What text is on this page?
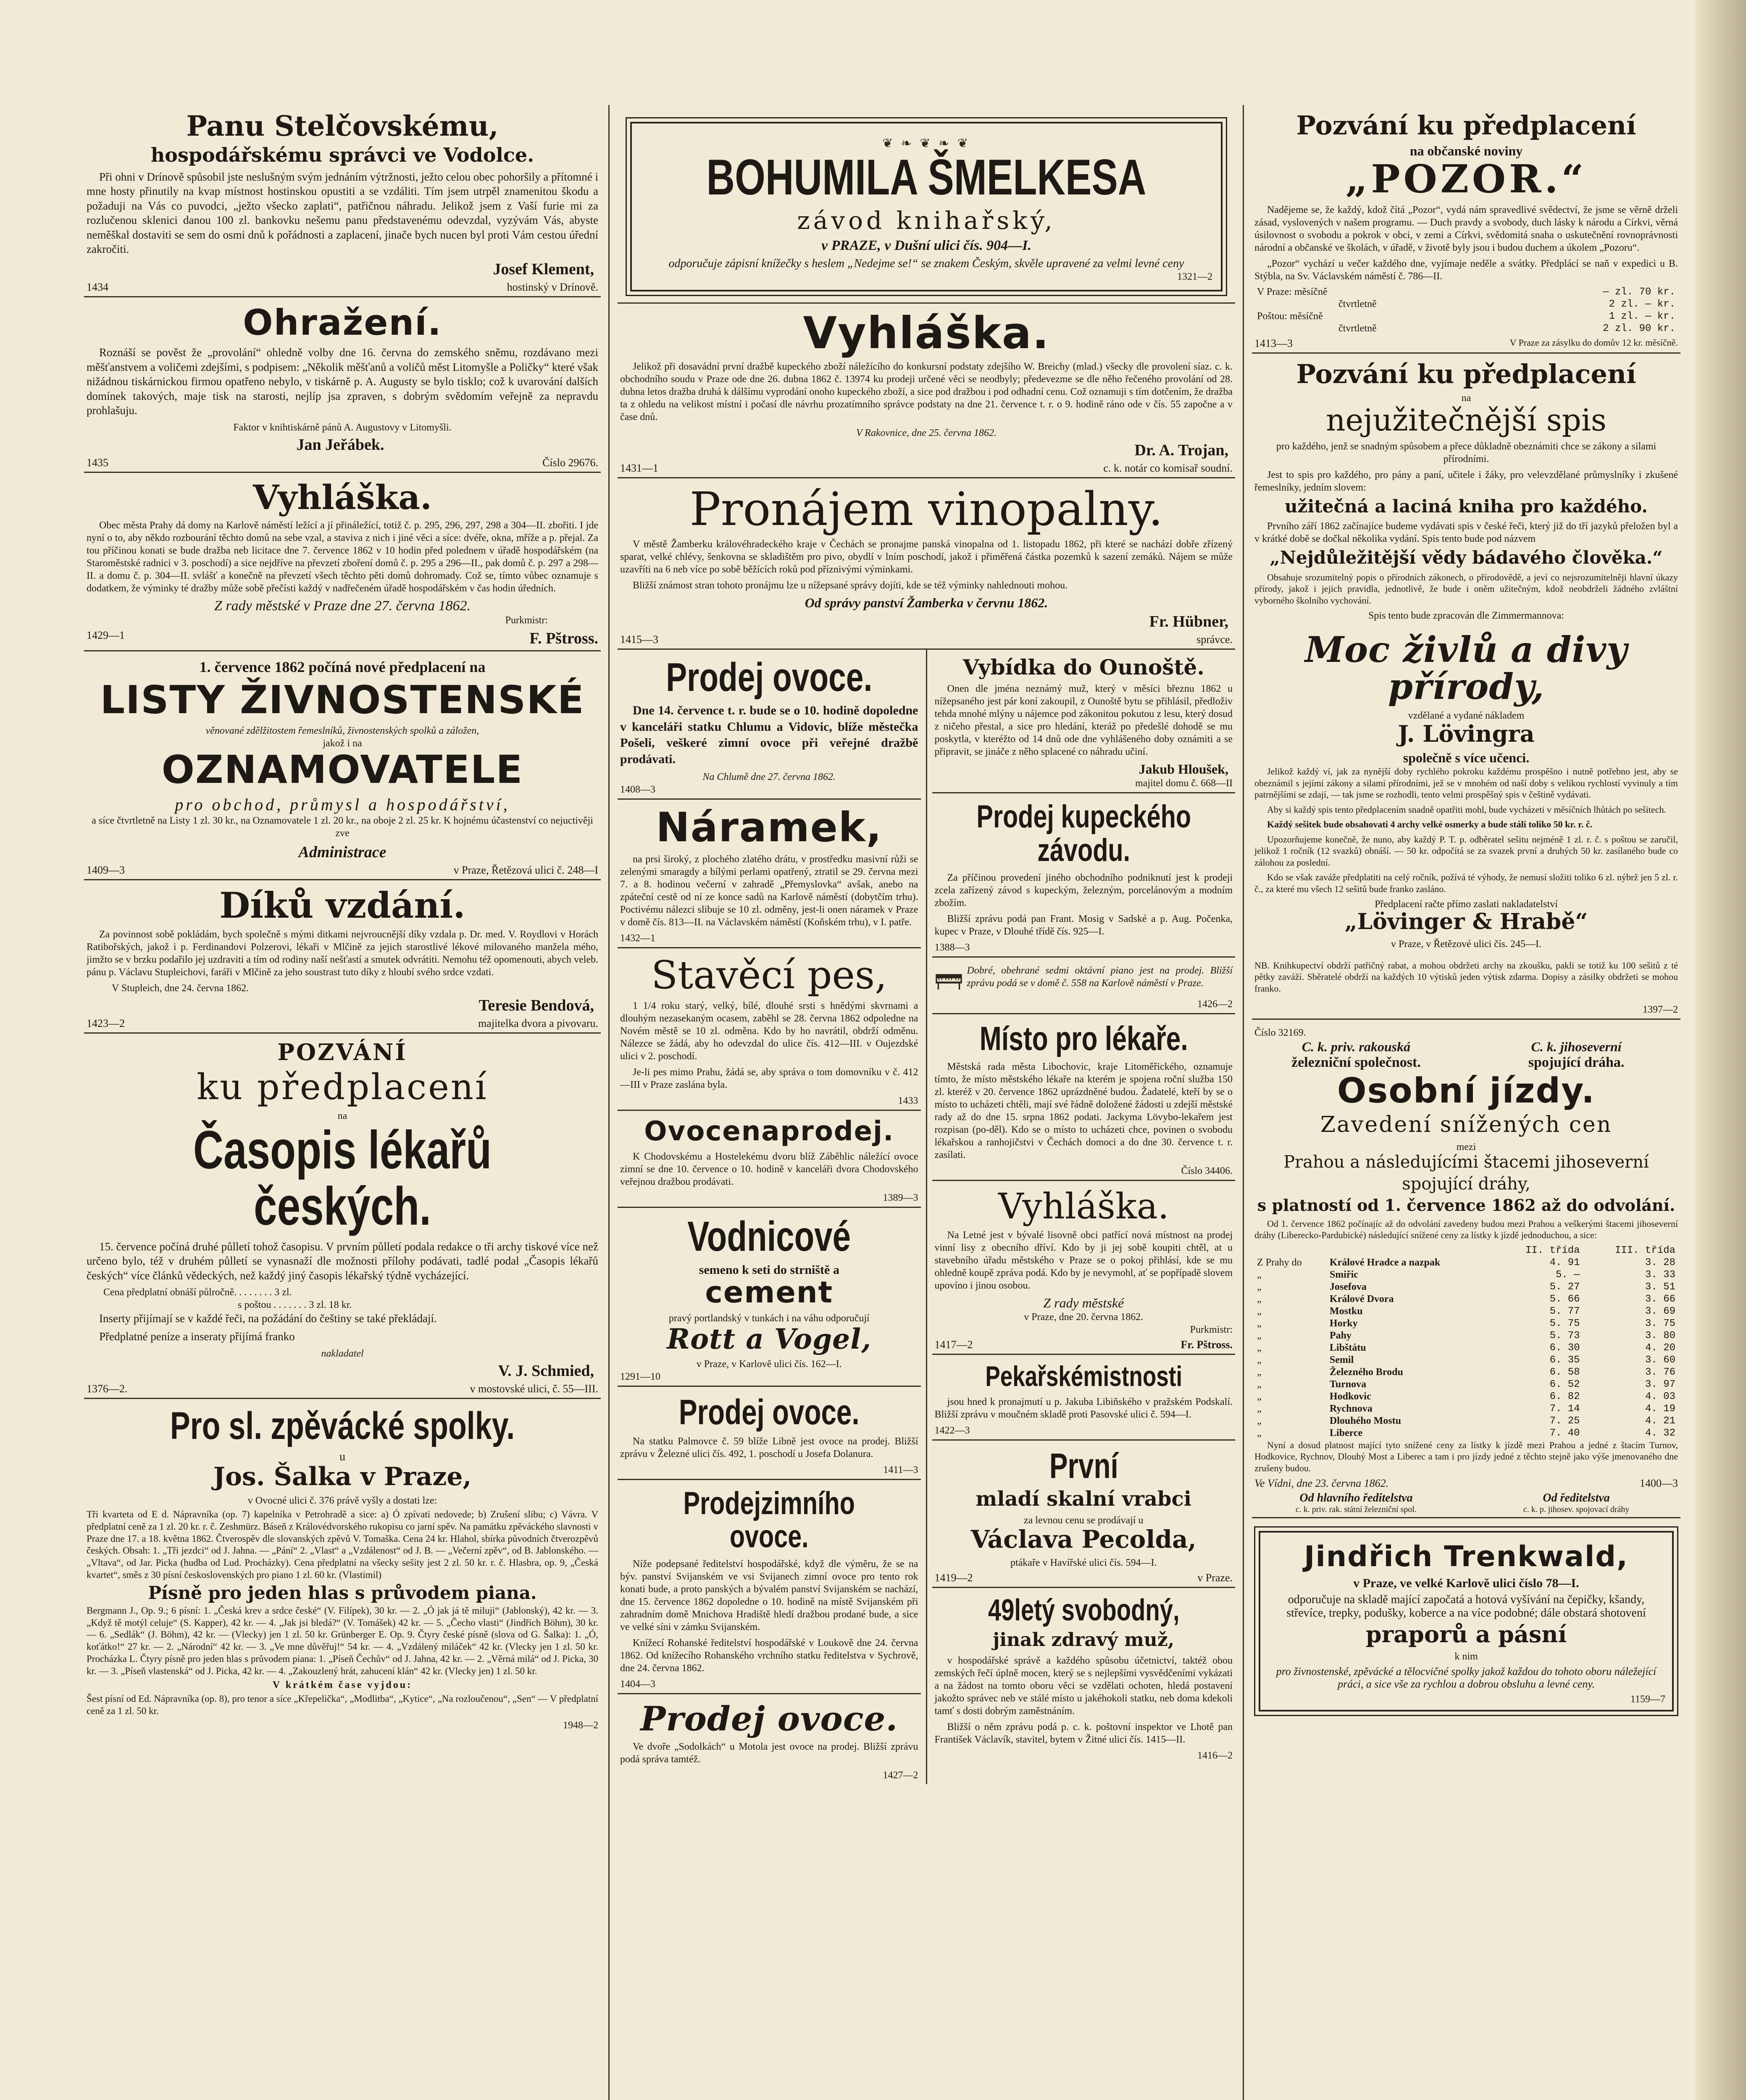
Panu Stelčovskému,
hospodářskému správci ve Vodolce.

Při ohni v Drínově spůsobil jste neslušným svým jednáním výtržnosti, ježto celou obec pohoršily a přítomné i mne hosty přinutily na kvap místnost hostinskou opustiti a se vzdáliti. Tím jsem utrpěl znamenitou škodu a požaduji na Vás co puvodci, „ježto všecko zaplati“, patřičnou náhradu. Jelikož jsem z Vaší furie mi za rozlučenou sklenici danou 100 zl. bankovku nešemu panu představenému odevzdal, vyzývám Vás, abyste neměškal dostaviti se sem do osmi dnů k pořádnosti a zaplacení, jinače bych nucen byl proti Vám cestou úřední zakročiti.

Josef Klement,
1434	hostinský v Drínově.
Ohražení.

Roznáší se pověst že „provolání“ ohledně volby dne 16. června do zemského sněmu, rozdávano mezi měšťanstvem a voličemi zdejšími, s podpisem: „Několik měšťanů a voličů měst Litomyšle a Poličky“ které však nižádnou tiskárnickou firmou opatřeno nebylo, v tiskárně p. A. Augusty se bylo tisklo; což k uvarování dalších domínek takových, maje tisk na starosti, nejlíp jsa zpraven, s dobrým svědomím veřejně za nepravdu prohlašuju.

Faktor v knihtiskárně pánů A. Augustovy v Litomyšli.
Jan Jeřábek.
1435	Číslo 29676.
Vyhláška.

Obec města Prahy dá domy na Karlově náměstí ležící a jí přináležící, totiž č. p. 295, 296, 297, 298 a 304—II. zbořiti. I jde nyní o to, aby někdo rozbourání těchto domů na sebe vzal, a staviva z nich i jiné věci a síce: dvéře, okna, mříže a p. přejal. Za tou příčinou konati se bude dražba neb licitace dne 7. července 1862 v 10 hodin před polednem v úřadě hospodářském (na Staroměstské radnici v 3. poschodí) a sice nejdříve na převzetí zboření domů č. p. 295 a 296—II., pak domů č. p. 297 a 298—II. a domu č. p. 304—II. svlášť a konečně na převzetí všech těchto pěti domů dohromady. Což se, tímto vůbec oznamuje s dodatkem, že výminky té dražby může sobě přečísti každý v nadřečeném úřadě hospodářském v čas hodin úředních.

Z rady městské v Praze dne 27. června 1862.
Purkmistr:
1429—1	F. Pštross.
1. července 1862 počíná nové předplacení na
LISTY ŽIVNOSTENSKÉ
věnované zdělžitostem řemeslníků, živnostenských spolků a záložen,
jakož i na
OZNAMOVATELE
pro obchod, průmysl a hospodářství,

a síce čtvrtletně na Listy 1 zl. 30 kr., na Oznamovatele 1 zl. 20 kr., na oboje 2 zl. 25 kr. K hojnému účastenství co nejuctivěji zve

Administrace
1409—3	v Praze, Řetězová ulici č. 248—I
Díků vzdání.

Za povinnost sobě pokládám, bych společně s mými ditkami nejvroucnější díky vzdala p. Dr. med. V. Roydlovi v Horách Ratibořských, jakož i p. Ferdinandovi Polzerovi, lékaři v Mlčině za jejich starostlivé lékové milovaného manžela mého, jimžto se v brzku podařilo jej uzdraviti a tím od rodiny naší nešťastí a smutek odvrátiti. Nemohu též opomenouti, abych veleb. pánu p. Václavu Stupleichovi, faráři v Mlčině za jeho soustrast tuto díky z hloubí svého srdce vzdati.

V Stupleich, dne 24. června 1862.
Teresie Bendová,
1423—2	majitelka dvora a pivovaru.
POZVÁNÍ
ku předplacení
na
Časopis lékařů českých.

15. července počíná druhé půlletí tohož časopisu. V prvním půlletí podala redakce o tři archy tiskové více než určeno bylo, též v druhém půlletí se vynasnaží dle možnosti přílohy podávati, tadlé podal „Časopis lékařů českých“ více článků vědeckých, než každý jiný časopis lékařský týdně vycházející.

Cena předplatní obnáší půlročně. . . . . . . . 3 zl.
s poštou . . . . . . . 3 zl. 18 kr.

Inserty přijímají se v každé řeči, na požádání do češtiny se také překládají.

Předplatné peníze a inseraty přijímá franko

nakladatel
V. J. Schmied,
1376—2.	v mostovské ulici, č. 55—III.
Pro sl. zpěvácké spolky.
u
Jos. Šalka v Praze,
v Ovocné ulici č. 376 právě vyšly a dostati lze:

Tři kvarteta od E d. Nápravníka (op. 7) kapelníka v Petrohradě a sice: a) Ó zpívati nedovede; b) Zrušení slibu; c) Vávra. V předplatní ceně za 1 zl. 20 kr. r. č. Zeshmürz. Báseň z Královédvorského rukopisu co jarní spěv. Na památku zpěváckého slavnosti v Praze dne 17. a 18. května 1862. Čtverospěv dle slovanských zpěvů V. Tomaška. Cena 24 kr. Hlahol, sbírka původních čtverozpěvů českých. Obsah: 1. „Tři jezdci“ od J. Jahna. — „Pání“ 2. „Vlast“ a „Vzdálenost“ od J. B. — „Večerní zpěv“, od B. Jablonského. — „Vltava“, od Jar. Picka (hudba od Lud. Procházky). Cena předplatní na všecky sešity jest 2 zl. 50 kr. r. č. Hlasbra, op. 9, „Česká kvartet“, směs z 30 písní československých pro piano 1 zl. 60 kr. (Vlastimil)

Písně pro jeden hlas s průvodem piana.

Bergmann J., Op. 9.; 6 písní: 1. „Česká krev a srdce české“ (V. Filípek), 30 kr. — 2. „Ó jak já tě miluji“ (Jablonský), 42 kr. — 3. „Když tě motýl celuje“ (S. Kapper), 42 kr. — 4. „Jak jsi bledá?“ (V. Tomášek) 42 kr. — 5. „Čecho vlasti“ (Jindřich Böhm), 30 kr. — 6. „Sedlák“ (J. Böhm), 42 kr. — (Vlecky) jen 1 zl. 50 kr. Grünberger E. Op. 9. Čtyry české písně (slova od G. Šalka): 1. „Ó, koťátko!“ 27 kr. — 2. „Národní“ 42 kr. — 3. „Ve mne důvěřuj!“ 54 kr. — 4. „Vzdálený miláček“ 42 kr. (Vlecky jen 1 zl. 50 kr. Procházka L. Čtyry písně pro jeden hlas s průvodem piana: 1. „Píseň Čechův“ od J. Jahna, 42 kr. — 2. „Věrná milá“ od J. Picka, 30 kr. — 3. „Píseň vlastenská“ od J. Picka, 42 kr. — 4. „Zakouzlený hrát, zahucení klán“ 42 kr. (Vlecky jen) 1 zl. 50 kr.

V krátkém čase vyjdou:

Šest písní od Ed. Nápravníka (op. 8), pro tenor a síce „Křepelička“, „Modlitba“, „Kytice“, „Na rozloučenou“, „Sen“ — V předplatní ceně za 1 zl. 50 kr.

1948—2
❦ ❧ ❦ ❧ ❦
BOHUMILA ŠMELKESA
závod knihařský,
v PRAZE, v Dušní ulici čís. 904—I.
odporučuje zápisní knížečky s heslem „Nedejme se!“ se znakem Českým, skvěle upravené za velmi levné ceny
1321—2
Vyhláška.

Jelikož při dosavádní první dražbě kupeckého zboží náležícího do konkursní podstaty zdejšího W. Breichy (mlad.) všecky dle provolení síaz. c. k. obchodního soudu v Praze ode dne 26. dubna 1862 č. 13974 ku prodeji určené věci se neodbyly; předevezme se dle něho řečeného provolání od 28. dubna letos dražba druhá k dálšímu vyprodání onoho kupeckého zboží, a sice pod dražbou i pod odhadní cenu. Což oznamuji s tím dotčením, že dražba ta z ohledu na velikost místní i počasí dle návrhu prozatímního správce podstaty na dne 21. července t. r. o 9. hodině ráno ode v čís. 55 započne a v čase dnů.

V Rakovnice, dne 25. června 1862.
Dr. A. Trojan,
1431—1	c. k. notár co komisař soudní.
Pronájem vinopalny.

V městě Žamberku královéhradeckého kraje v Čechách se pronajme panská vinopalna od 1. listopadu 1862, při které se nachází dobře zřízený sparat, velké chlévy, šenkovna se skladištěm pro pivo, obydlí v lním poschodí, jakož i přiměřená částka pozemků k sazení zemáků. Nájem se může uzavříti na 6 neb více po sobě běžících roků pod příznivými výminkami.

Bližší známost stran tohoto pronájmu lze u nížepsané správy dojíti, kde se též výminky nahlednouti mohou.

Od správy panství Žamberka v červnu 1862.
Fr. Hübner,
1415—3	správce.
Prodej ovoce.

Dne 14. července t. r. bude se o 10. hodině dopoledne v kanceláři statku Chlumu a Vidovic, blíže městečka Pošeli, veškeré zimní ovoce při veřejné dražbě prodávati.

Na Chlumě dne 27. června 1862.
1408—3
Náramek,

na prsi široký, z plochého zlatého drátu, v prostředku masivní růži se zelenými smaragdy a bílými perlami opatřený, ztratil se 29. června mezi 7. a 8. hodinou večerní v zahradě „Přemyslovka“ avšak, anebo na zpáteční cestě od ní ze konce sadů na Karlově náměstí (dobytčím trhu). Poctivému nálezci slibuje se 10 zl. odměny, jest-li onen náramek v Praze v domě čís. 813—II. na Václavském náměstí (Koňském trhu), v I. patře.

1432—1
Stavěcí pes,

1 1/4 roku starý, velký, bílé, dlouhé srsti s hnědými skvrnami a dlouhým nezasekaným ocasem, zaběhl se 28. června 1862 odpoledne na Novém městě se 10 zl. odměna. Kdo by ho navrátil, obdrží odměnu. Nálezce se žádá, aby ho odevzdal do ulice čís. 412—III. v Oujezdské ulici v 2. poschodí.

Je-li pes mimo Prahu, žádá se, aby správa o tom domovníku v č. 412—III v Praze zaslána byla.

1433
Ovocenaprodej.

K Chodovskému a Hostelekému dvoru blíž Záběhlic náležící ovoce zimní se dne 10. července o 10. hodině v kanceláři dvora Chodovského veřejnou dražbou prodávati.

1389—3
Vodnicové
semeno k seti do strniště a
cement
pravý portlandský v tunkách i na váhu odporučují
Rott a Vogel,
v Praze, v Karlově ulici čís. 162—I.
1291—10
Prodej ovoce.

Na statku Palmovce č. 59 blíže Libně jest ovoce na prodej. Bližší zprávu v Železné ulici čís. 492, 1. poschodí u Josefa Dolanura.

1411—3
Prodejzimního ovoce.

Níže podepsané ředitelství hospodářské, když dle výměru, že se na býv. panství Svijanském ve vsi Svijanech zimní ovoce pro tento rok konati bude, a proto panských a bývalém panství Svijanském se nachází, dne 15. července 1862 dopoledne o 10. hodině na místě Svijanském při zahradním domě Mnichova Hradiště hledí dražbou prodané bude, a sice ve velké síni v zámku Svijanském.

Knížecí Rohanské ředitelství hospodářské v Loukově dne 24. června 1862. Od knížecího Rohanského vrchního statku ředitelstva v Sychrově, dne 24. června 1862.

1404—3
Prodej ovoce.

Ve dvoře „Sodolkách“ u Motola jest ovoce na prodej. Bližší zprávu podá správa tamtéž.

1427—2
Vybídka do Ounoště.

Onen dle jména neznámý muž, který v měsíci březnu 1862 u nížepsaného jest pár koní zakoupil, z Ounoště bytu se přihlásil, předloživ tehda mnohé mlýny u nájemce pod zákonitou pokutou z lesu, který dosud z ničeho přestal, a sice pro hledání, kteráž po předešlé dohodě se mu poskytla, v kteréžto od 14 dnů ode dne vyhlášeného doby oznámiti a se připravit, se jináče z něho splacené co náhradu učiní.

Jakub Hloušek,
majitel domu č. 668—II
Prodej kupeckého závodu.

Za příčinou provedení jiného obchodního podniknutí jest k prodeji zcela zařízený závod s kupeckým, železným, porcelánovým a modním zbožím.

Bližší zprávu podá pan Frant. Mosig v Sadské a p. Aug. Počenka, kupec v Praze, v Dlouhé třídě čís. 925—I.

1388—3

Dobré, obehrané sedmi oktávní piano jest na prodej. Bližší zprávu podá se v domě č. 558 na Karlově náměstí v Praze.

1426—2
Místo pro lékaře.

Městská rada města Libochovic, kraje Litoměřického, oznamuje tímto, že místo městského lékaře na kterém je spojena roční služba 150 zl. kteréž v 20. července 1862 uprázdněné budou. Žadatelé, kteří by se o místo to ucházeti chtěli, mají své řádně doložené žádosti u zdejší městské rady až do dne 15. srpna 1862 podati. Jackyma Lövybo-lekařem jest rozpisan (po-děl). Kdo se o místo to ucházeti chce, povinen o svobodu lékařskou a ranhojičstvi v Čechách domoci a do dne 30. července t. r. zasílati.

Číslo 34406.
Vyhláška.

Na Letné jest v bývalé lisovně obci patřící nová místnost na prodej vinní lisy z obecního dříví. Kdo by ji jej sobě koupiti chtěl, at u stavebního úřadu městského v Praze se o pokoj přihlásí, kde se mu ohledně koupě zpráva podá. Kdo by je nevymohl, ať se popřípadě slovem upovíno i jinou osobou.

Z rady městské
v Praze, dne 20. června 1862.
Purkmistr:
1417—2	Fr. Pštross.
Pekařskémistnosti

jsou hned k pronajmutí u p. Jakuba Libiňského v pražském Podskalí. Bližší zprávu v moučném skladě proti Pasovské ulici č. 594—I.

1422—3
První
mladí skalní vrabci
za levnou cenu se prodávají u
Václava Pecolda,
ptákaře v Havířské ulici čís. 594—I.
1419—2	v Praze.
49letý svobodný,
jinak zdravý muž,

v hospodářské správě a každého spůsobu účetnictví, taktéž obou zemských řečí úplně mocen, který se s nejlepšími vysvědčeními vykázati a na žádost na tomto oboru věci se vzdělati ochoten, hledá postavení jakožto správec neb ve stálé místo u jakéhokoli statku, neb doma kdekoli tamť s dosti dobrým zaměstnáním.

Bližší o něm zprávu podá p. c. k. poštovní inspektor ve Lhotě pan František Václavík, stavitel, bytem v Žitné ulici čís. 1415—II.

1416—2
Pozvání ku předplacení
na občanské noviny
„POZOR.“

Nadějeme se, že každý, kdož čítá „Pozor“, vydá nám spravedlivé svědectví, že jsme se věrně drželi zásad, vyslovených v našem programu. — Duch pravdy a svobody, duch lásky k národu a Církvi, věrná úsilovnost o svobodu a pokrok v obci, v zemi a Církvi, svědomitá snaha o uskutečnění rovnoprávnosti národní a občanské ve školách, v úřadě, v životě byly jsou i budou duchem a úkolem „Pozoru“.

„Pozor“ vychází u večer každého dne, vyjímaje neděle a svátky. Předplácí se naň v expedici u B. Stýbla, na Sv. Václavském náměstí č. 786—II.

V Praze: měsíčně	— zl. 70 kr.
čtvrtletně	2 zl. — kr.
Poštou: měsíčně	1 zl. — kr.
čtvrtletně	2 zl. 90 kr.
1413—3	V Praze za zásylku do domův 12 kr. měsíčně.
Pozvání ku předplacení
na
nejužitečnější spis

pro každého, jenž se snadným spůsobem a přece důkladně obeznámiti chce se zákony a silami přírodními.

Jest to spis pro každého, pro pány a paní, učitele i žáky, pro velevzdělané průmyslníky i zkušené řemeslníky, jedním slovem:

užitečná a laciná kniha pro každého.

Prvního září 1862 začínajíce budeme vydávati spis v české řeči, který již do tří jazyků přeložen byl a v krátké době se dočkal několika vydání. Spis tento bude pod názvem

„Nejdůležitější vědy bádavého člověka.“

Obsahuje srozumitelný popis o přírodních zákonech, o přírodovědě, a jeví co nejsrozumitelněji hlavní úkazy přírody, jakož i jejich pravidla, jednotlivě, že bude i oněm užitečným, kdož neobdrželi žádného zvláštní vyborného školního vychování.

Spis tento bude zpracován dle Zimmermannova:
Moc živlů a divy přírody,
vzdělané a vydané nákladem
J. Lövingra
společně s více učenci.

Jelikož každý ví, jak za nynější doby rychlého pokroku každému prospěšno i nutně potřebno jest, aby se obeznámil s jejími zákony a silami přírodními, jež se v mnohém od naší doby s velikou rychlostí vyvinuly a tím patrnějšími se zdají, — tak jsme se rozhodli, tento velmi prospěšný spis v češtině vydávati.

Aby si každý spis tento předplacením snadně opatřiti mohl, bude vycházeti v měsíčních lhůtách po sešitech.

Každý sešitek bude obsahovati 4 archy velké osmerky a bude stáli toliko 50 kr. r. č.

Upozorňujeme konečně, že nuno, aby každý P. T. p. odběratel sešitu nejméně 1 zl. r. č. s poštou se zaručil, jelikož 1 ročník (12 svazků) obnáší. — 50 kr. odpočítá se za svazek první a druhých 50 kr. zasílaného bude co zálohou za poslední.

Kdo se však zaváže předplatiti na celý ročník, požívá té výhody, že nemusí složiti toliko 6 zl. nýbrž jen 5 zl. r. č., za které mu všech 12 sešitů bude franko zasláno.

Předplacení račte přímo zaslati nakladatelství
„Lövinger & Hrabě“
v Praze, v Řetězové ulici čís. 245—I.

NB. Knihkupectví obdrží patřičný rabat, a mohou obdržeti archy na zkoušku, pakli se totiž ku 100 sešitů z té pětky zaváží. Sběratelé obdrží na každých 10 výtisků jeden výtisk zdarma. Dopisy a zásilky obdržeti se mohou franko.

1397—2
Číslo 32169.
C. k. priv. rakouská
železniční společnost.
C. k. jihoseverní
spojující dráha.
Osobní jízdy.
Zavedení snížených cen
mezi
Prahou a následujícími štacemi jihoseverní
spojující dráhy,
s platností od 1. července 1862 až do odvolání.

Od 1. července 1862 počínajíc až do odvolání zavedeny budou mezi Prahou a veškerými štacemi jihoseverní dráhy (Liberecko-Pardubické) následující snížené ceny za lístky k jízdě jednoduchou, a sice:

		II. třída	III. třída
Z Prahy do	Králové Hradce a nazpak	4. 91	3. 28
„	Smiřic	5. —	3. 33
„	Josefova	5. 27	3. 51
„	Králové Dvora	5. 66	3. 66
„	Mostku	5. 77	3. 69
„	Horky	5. 75	3. 75
„	Pahy	5. 73	3. 80
„	Libštátu	6. 30	4. 20
„	Semil	6. 35	3. 60
„	Železného Brodu	6. 58	3. 76
„	Turnova	6. 52	3. 97
„	Hodkovic	6. 82	4. 03
„	Rychnova	7. 14	4. 19
„	Dlouhého Mostu	7. 25	4. 21
„	Liberce	7. 40	4. 32

Nyní a dosud platnost mající tyto snížené ceny za lístky k jízdě mezi Prahou a jedné z štacím Turnov, Hodkovice, Rychnov, Dlouhý Most a Liberec a tam i pro jízdy jedné z těchto stejně jako výše jmenovaného dne zrušeny budou.

Ve Vídni, dne 23. června 1862.	1400—3
Od hlavního ředitelstva
c. k. priv. rak. státní železniční spol.
Od ředitelstva
c. k. p. jihosev. spojovací dráhy
Jindřich Trenkwald,
v Praze, ve velké Karlově ulici číslo 78—I.

odporučuje na skladě mající započatá a hotová vyšívání na čepičky, kšandy, střevíce, trepky, podušky, koberce a na více podobné; dále obstará shotovení

praporů a pásní
k nim

pro živnostenské, zpěvácké a tělocvičné spolky jakož každou do tohoto oboru náležející práci, a sice vše za rychlou a dobrou obsluhu a levné ceny.

1159—7
